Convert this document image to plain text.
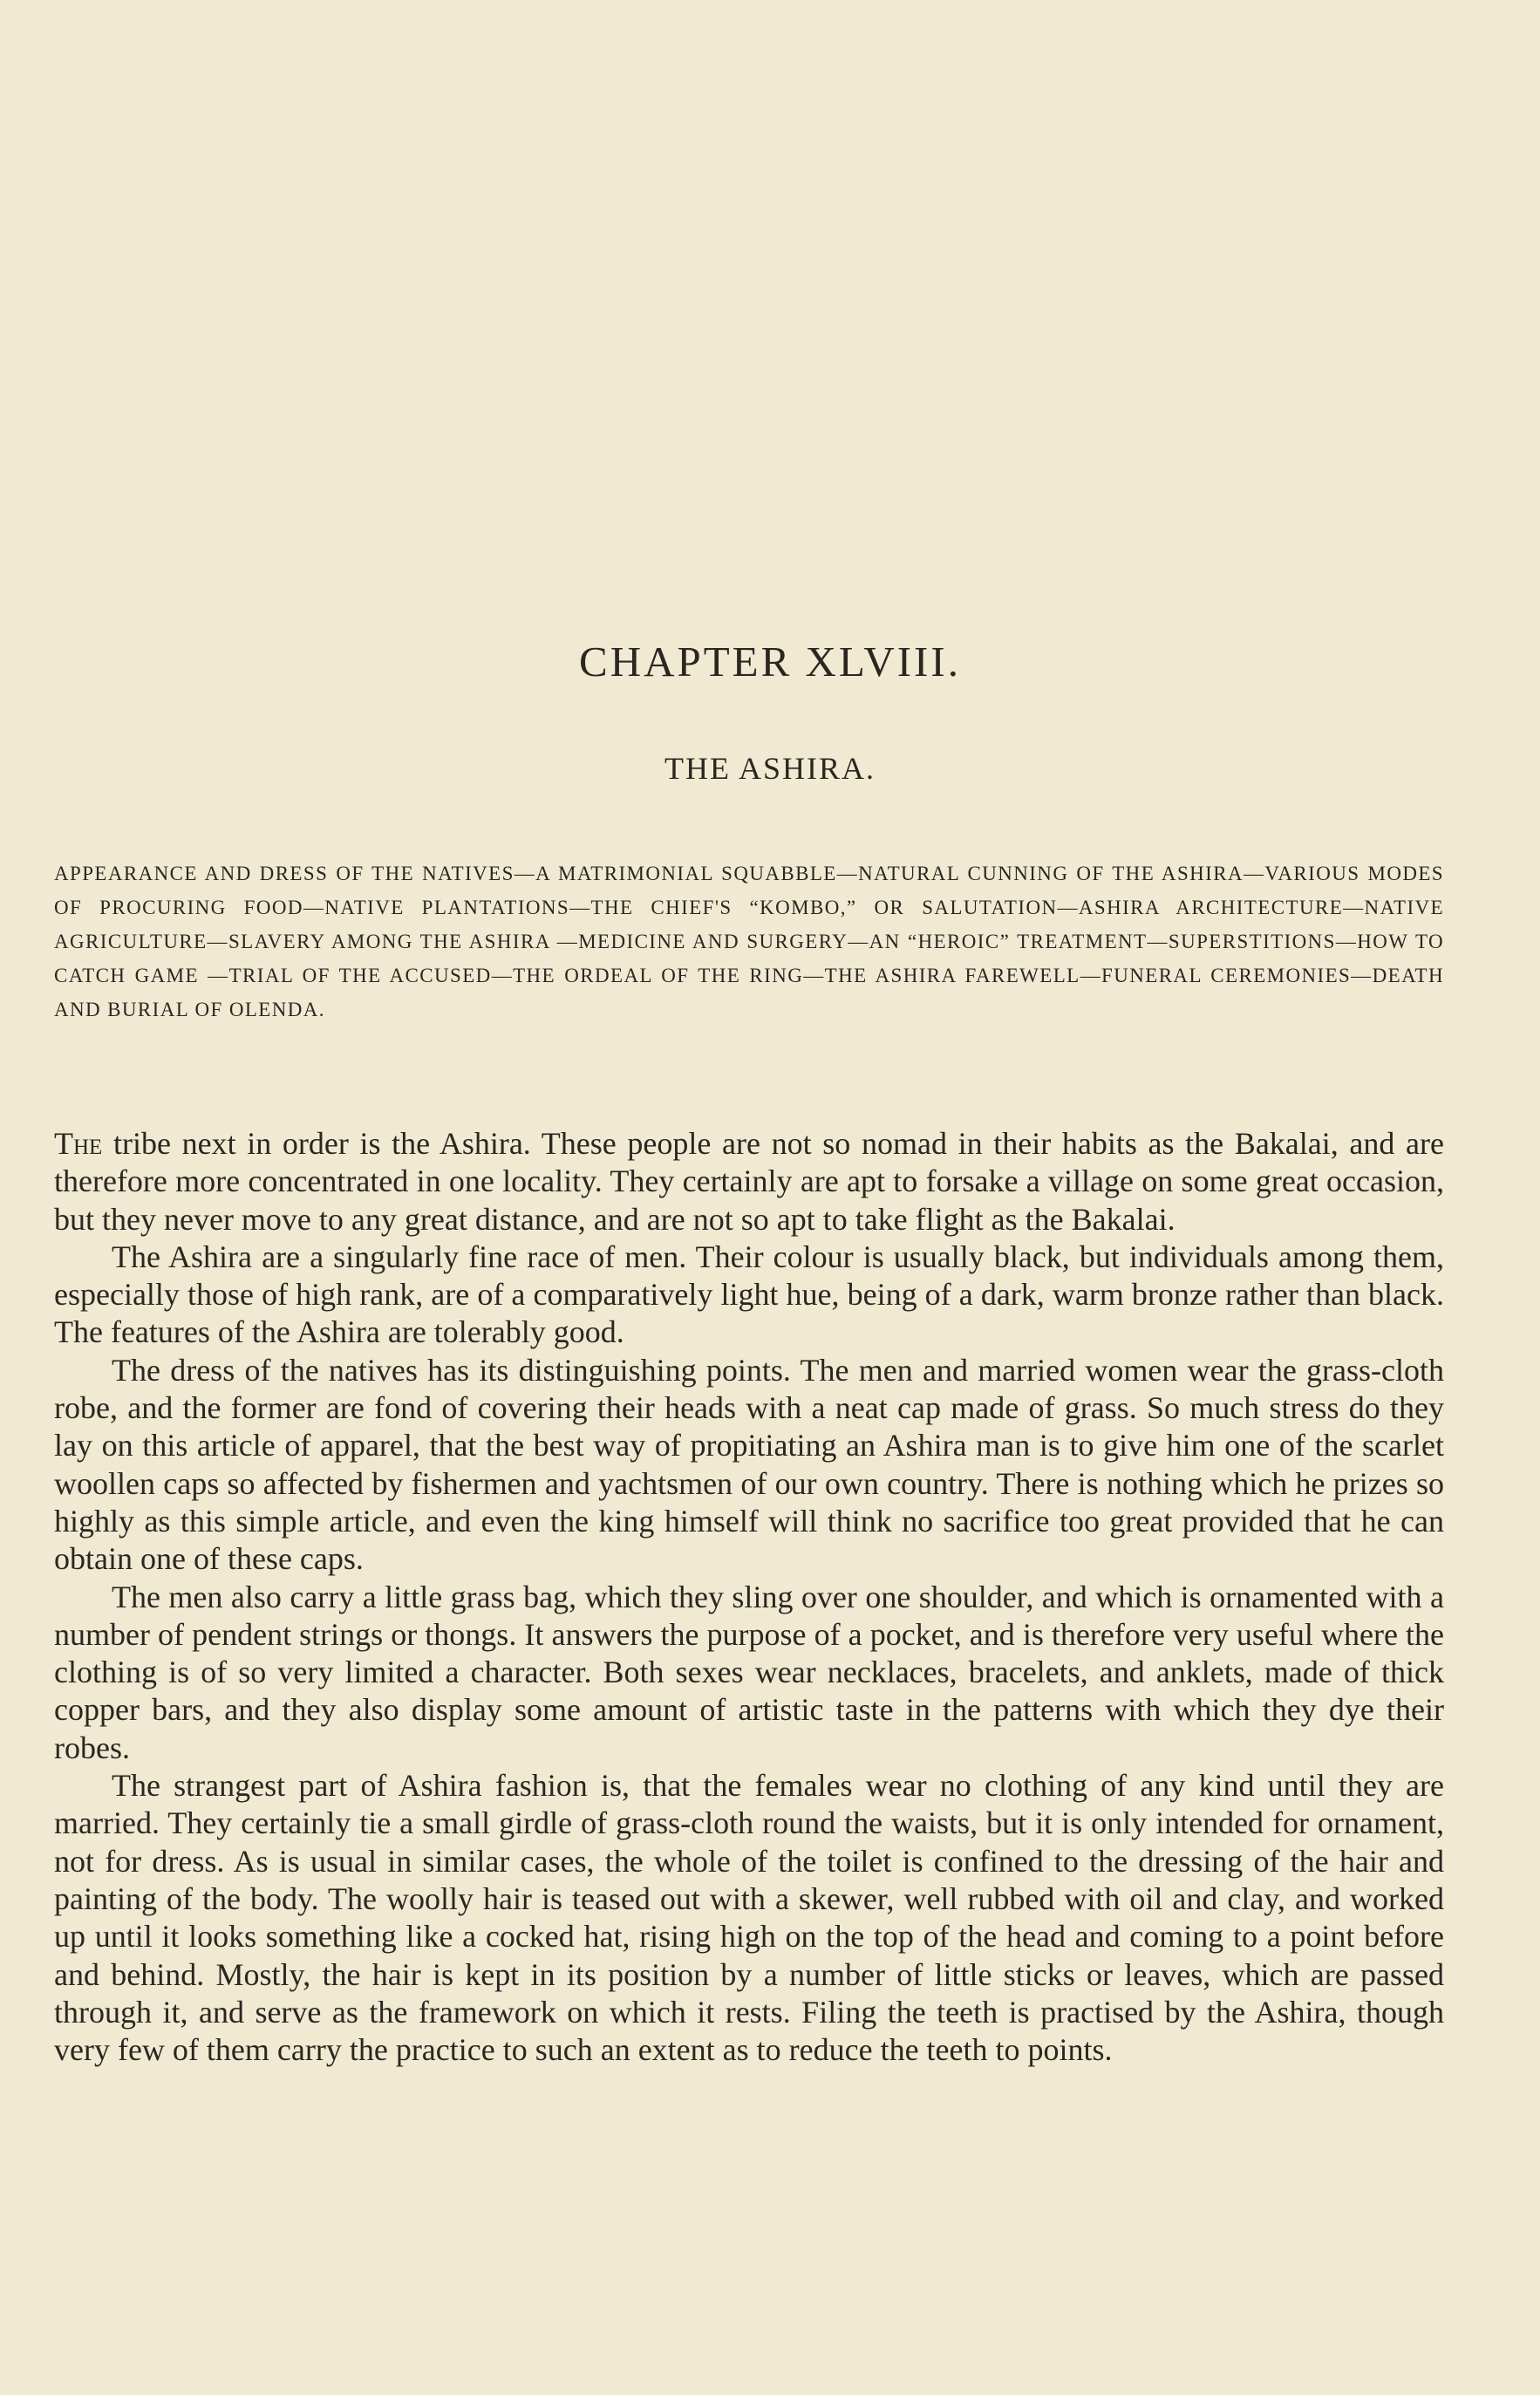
CHAPTER XLVIII.
THE ASHIRA.
APPEARANCE AND DRESS OF THE NATIVES—A MATRIMONIAL SQUABBLE—NATURAL CUNNING OF THE ASHIRA—VARIOUS MODES OF PROCURING FOOD—NATIVE PLANTATIONS—THE CHIEF'S “KOMBO,” OR SALUTATION—ASHIRA ARCHITECTURE—NATIVE AGRICULTURE—SLAVERY AMONG THE ASHIRA —MEDICINE AND SURGERY—AN “HEROIC” TREATMENT—SUPERSTITIONS—HOW TO CATCH GAME —TRIAL OF THE ACCUSED—THE ORDEAL OF THE RING—THE ASHIRA FAREWELL—FUNERAL CEREMONIES—DEATH AND BURIAL OF OLENDA.

The tribe next in order is the Ashira. These people are not so nomad in their habits as the Bakalai, and are therefore more concentrated in one locality. They certainly are apt to forsake a village on some great occasion, but they never move to any great distance, and are not so apt to take flight as the Bakalai.

The Ashira are a singularly fine race of men. Their colour is usually black, but individuals among them, especially those of high rank, are of a comparatively light hue, being of a dark, warm bronze rather than black. The features of the Ashira are tolerably good.

The dress of the natives has its distinguishing points. The men and married women wear the grass-cloth robe, and the former are fond of covering their heads with a neat cap made of grass. So much stress do they lay on this article of apparel, that the best way of propitiating an Ashira man is to give him one of the scarlet woollen caps so affected by fishermen and yachtsmen of our own country. There is nothing which he prizes so highly as this simple article, and even the king himself will think no sacrifice too great provided that he can obtain one of these caps.

The men also carry a little grass bag, which they sling over one shoulder, and which is ornamented with a number of pendent strings or thongs. It answers the purpose of a pocket, and is therefore very useful where the clothing is of so very limited a character. Both sexes wear necklaces, bracelets, and anklets, made of thick copper bars, and they also display some amount of artistic taste in the patterns with which they dye their robes.

The strangest part of Ashira fashion is, that the females wear no clothing of any kind until they are married. They certainly tie a small girdle of grass-cloth round the waists, but it is only intended for ornament, not for dress. As is usual in similar cases, the whole of the toilet is confined to the dressing of the hair and painting of the body. The woolly hair is teased out with a skewer, well rubbed with oil and clay, and worked up until it looks something like a cocked hat, rising high on the top of the head and coming to a point before and behind. Mostly, the hair is kept in its position by a number of little sticks or leaves, which are passed through it, and serve as the framework on which it rests. Filing the teeth is practised by the Ashira, though very few of them carry the practice to such an extent as to reduce the teeth to points.
